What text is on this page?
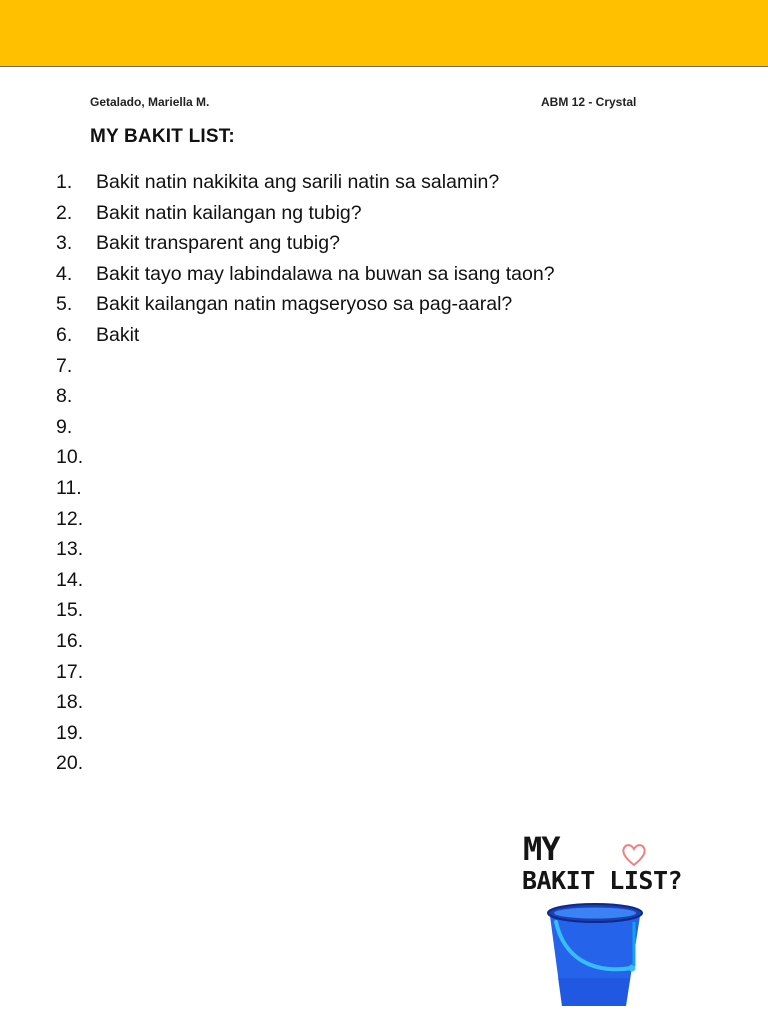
Getalado, Mariella M.	ABM 12 - Crystal
MY BAKIT LIST:
1.	Bakit natin nakikita ang sarili natin sa salamin?
2.	Bakit natin kailangan ng tubig?
3.	Bakit transparent ang tubig?
4.	Bakit tayo may labindalawa na buwan sa isang taon?
5.	Bakit kailangan natin magseryoso sa pag-aaral?
6.	Bakit
7.
8.
9.
10.
11.
12.
13.
14.
15.
16.
17.
18.
19.
20.
MY
BAKIT LIST?
